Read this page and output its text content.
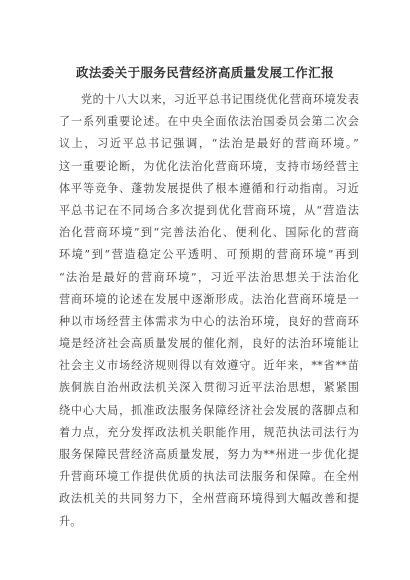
政法委关于服务民营经济高质量发展工作汇报
党的十八大以来，习近平总书记围绕优化营商环境发表
了一系列重要论述。在中央全面依法治国委员会第二次会
议上，习近平总书记强调，“法治是最好的营商环境。”
这一重要论断，为优化法治化营商环境，支持市场经营主
体平等竞争、蓬勃发展提供了根本遵循和行动指南。习近
平总书记在不同场合多次提到优化营商环境，从“营造法
治化营商环境”到“完善法治化、便利化、国际化的营商
环境”到“营造稳定公平透明、可预期的营商环境”再到
“法治是最好的营商环境”，习近平法治思想关于法治化
营商环境的论述在发展中逐渐形成。法治化营商环境是一
种以市场经营主体需求为中心的法治环境，良好的营商环
境是经济社会高质量发展的催化剂，良好的法治环境能让
社会主义市场经济规则得以有效遵守。近年来，**省**苗
族侗族自治州政法机关深入贯彻习近平法治思想，紧紧围
绕中心大局，抓准政法服务保障经济社会发展的落脚点和
着力点，充分发挥政法机关职能作用，规范执法司法行为
服务保障民营经济高质量发展，努力为**州进一步优化提
升营商环境工作提供优质的执法司法服务和保障。在全州
政法机关的共同努力下，全州营商环境得到大幅改善和提
升。
